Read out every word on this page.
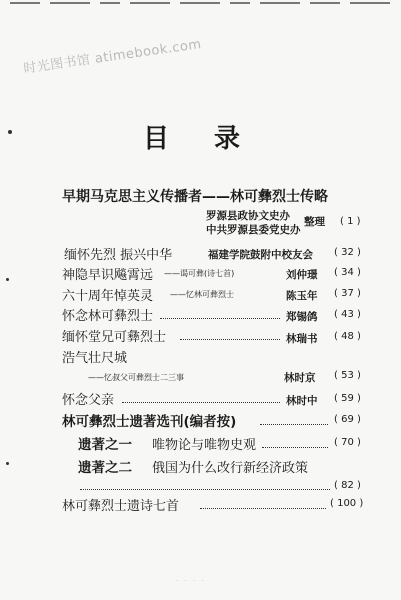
时光图书馆 atimebook.com
目 录
早期马克思主义传播者——林可彝烈士传略
罗源县政协文史办
中共罗源县委党史办
整理 ( 1 )
缅怀先烈 振兴中华	福建学院鼓附中校友会 ( 32 )
神隐早识飚霄远 ——谒可彝(诗七首)	刘仲璟 ( 34 )
六十周年悼英灵 ——忆林可彝烈士	陈玉年 ( 37 )
怀念林可彝烈士	郑锡鸽 ( 43 )
缅怀堂兄可彝烈士	林瑞书 ( 48 )
浩气壮尺城
——忆叔父可彝烈士二三事	林时京 ( 53 )
怀念父亲	林时中 ( 59 )
林可彝烈士遗著选刊(编者按)	( 69 )
遗著之一 唯物论与唯物史观	( 70 )
遗著之二 俄国为什么改行新经济政策
( 82 )
林可彝烈士遗诗七首	( 100 )
· · · ·
